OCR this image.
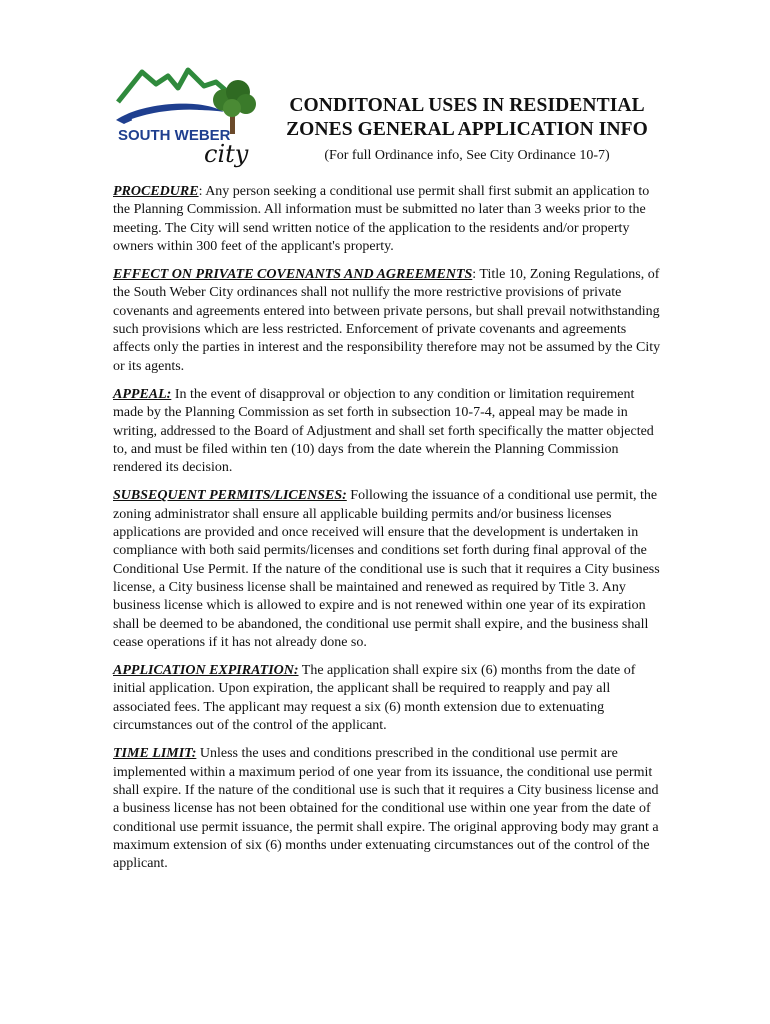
SOUTH WEBER
city
CONDITONAL USES IN RESIDENTIAL
ZONES GENERAL APPLICATION INFO
(For full Ordinance info, See City Ordinance 10-7)

PROCEDURE: Any person seeking a conditional use permit shall first submit an application to the Planning Commission. All information must be submitted no later than 3 weeks prior to the meeting. The City will send written notice of the application to the residents and/or property owners within 300 feet of the applicant's property.

EFFECT ON PRIVATE COVENANTS AND AGREEMENTS: Title 10, Zoning Regulations, of the South Weber City ordinances shall not nullify the more restrictive provisions of private covenants and agreements entered into between private persons, but shall prevail notwithstanding such provisions which are less restricted. Enforcement of private covenants and agreements affects only the parties in interest and the responsibility therefore may not be assumed by the City or its agents.

APPEAL: In the event of disapproval or objection to any condition or limitation requirement made by the Planning Commission as set forth in subsection 10-7-4, appeal may be made in writing, addressed to the Board of Adjustment and shall set forth specifically the matter objected to, and must be filed within ten (10) days from the date wherein the Planning Commission rendered its decision.

SUBSEQUENT PERMITS/LICENSES: Following the issuance of a conditional use permit, the zoning administrator shall ensure all applicable building permits and/or business licenses applications are provided and once received will ensure that the development is undertaken in compliance with both said permits/licenses and conditions set forth during final approval of the Conditional Use Permit. If the nature of the conditional use is such that it requires a City business license, a City business license shall be maintained and renewed as required by Title 3. Any business license which is allowed to expire and is not renewed within one year of its expiration shall be deemed to be abandoned, the conditional use permit shall expire, and the business shall cease operations if it has not already done so.

APPLICATION EXPIRATION: The application shall expire six (6) months from the date of initial application. Upon expiration, the applicant shall be required to reapply and pay all associated fees. The applicant may request a six (6) month extension due to extenuating circumstances out of the control of the applicant.

TIME LIMIT: Unless the uses and conditions prescribed in the conditional use permit are implemented within a maximum period of one year from its issuance, the conditional use permit shall expire. If the nature of the conditional use is such that it requires a City business license and a business license has not been obtained for the conditional use within one year from the date of conditional use permit issuance, the permit shall expire. The original approving body may grant a maximum extension of six (6) months under extenuating circumstances out of the control of the applicant.
